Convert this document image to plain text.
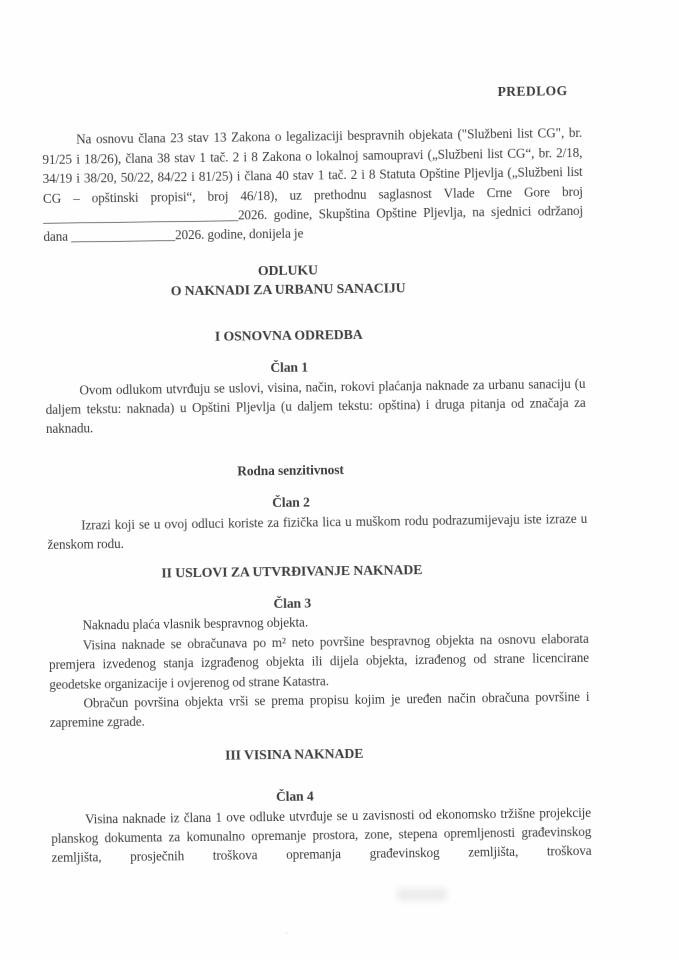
PREDLOG

Na osnovu člana 23 stav 13 Zakona o legalizaciji bespravnih objekata ("Službeni list CG", br. 91/25 i 18/26), člana 38 stav 1 tač. 2 i 8 Zakona o lokalnoj samoupravi („Službeni list CG“, br. 2/18, 34/19 i 38/20, 50/22, 84/22 i 81/25) i člana 40 stav 1 tač. 2 i 8 Statuta Opštine Pljevlja („Službeni list CG – opštinski propisi“, broj 46/18), uz prethodnu saglasnost Vlade Crne Gore broj ______________________________2026. godine, Skupština Opštine Pljevlja, na sjednici održanoj dana ________________2026. godine, donijela je

ODLUKU
O NAKNADI ZA URBANU SANACIJU

I OSNOVNA ODREDBA

Član 1

Ovom odlukom utvrđuju se uslovi, visina, način, rokovi plaćanja naknade za urbanu sanaciju (u daljem tekstu: naknada) u Opštini Pljevlja (u daljem tekstu: opština) i druga pitanja od značaja za naknadu.

Rodna senzitivnost

Član 2

Izrazi koji se u ovoj odluci koriste za fizička lica u muškom rodu podrazumijevaju iste izraze u ženskom rodu.

II USLOVI ZA UTVRĐIVANJE NAKNADE

Član 3

Naknadu plaća vlasnik bespravnog objekta.

Visina naknade se obračunava po m² neto površine bespravnog objekta na osnovu elaborata premjera izvedenog stanja izgrađenog objekta ili dijela objekta, izrađenog od strane licencirane geodetske organizacije i ovjerenog od strane Katastra.

Obračun površina objekta vrši se prema propisu kojim je uređen način obračuna površine i zapremine zgrade.

III VISINA NAKNADE

Član 4

Visina naknade iz člana 1 ove odluke utvrđuje se u zavisnosti od ekonomsko tržišne projekcije planskog dokumenta za komunalno opremanje prostora, zone, stepena opremljenosti građevinskog zemljišta, prosječnih troškova opremanja građevinskog zemljišta, troškova

·
